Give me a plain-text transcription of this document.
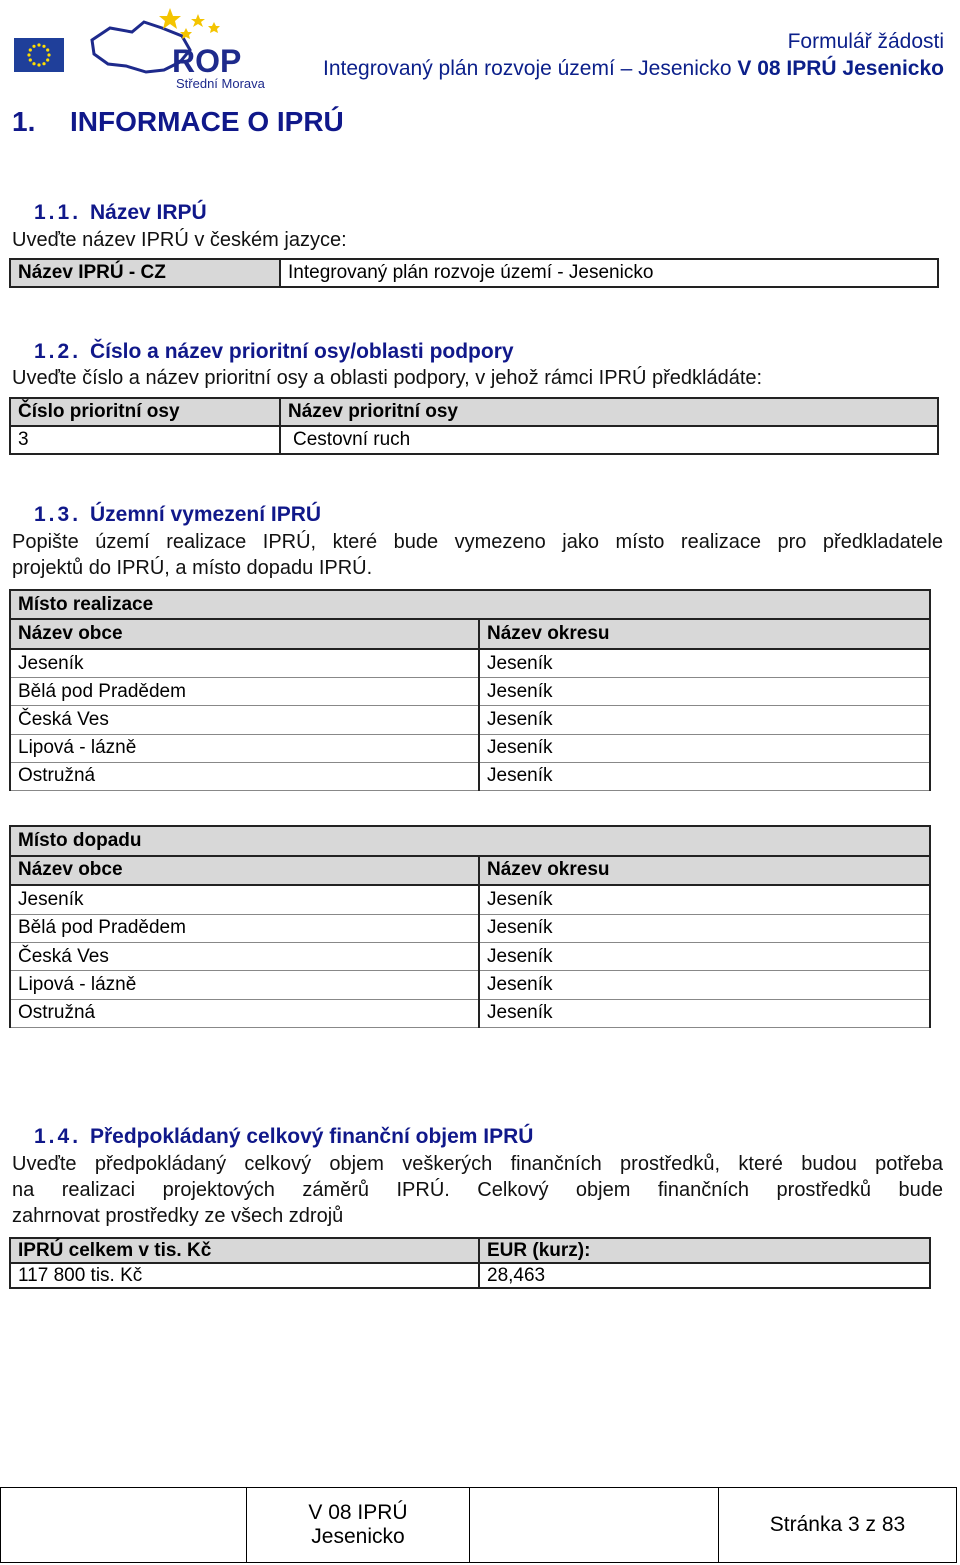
ROP
Střední Morava
Formulář žádosti
Integrovaný plán rozvoje území – Jesenicko V 08 IPRÚ Jesenicko
1. INFORMACE O IPRÚ
1.1. Název IRPÚ
Uveďte název IPRÚ v českém jazyce:
Název IPRÚ - CZ	Integrovaný plán rozvoje území - Jesenicko
1.2. Číslo a název prioritní osy/oblasti podpory
Uveďte číslo a název prioritní osy a oblasti podpory, v jehož rámci IPRÚ předkládáte:
Číslo prioritní osy	Název prioritní osy
3	Cestovní ruch
1.3. Územní vymezení IPRÚ
Popište území realizace IPRÚ, které bude vymezeno jako místo realizace pro předkladatele
projektů do IPRÚ, a místo dopadu IPRÚ.
Místo realizace	
Název obce	Název okresu
Jeseník	Jeseník
Bělá pod Pradědem	Jeseník
Česká Ves	Jeseník
Lipová - lázně	Jeseník
Ostružná	Jeseník
Místo dopadu	
Název obce	Název okresu
Jeseník	Jeseník
Bělá pod Pradědem	Jeseník
Česká Ves	Jeseník
Lipová - lázně	Jeseník
Ostružná	Jeseník
1.4. Předpokládaný celkový finanční objem IPRÚ
Uveďte předpokládaný celkový objem veškerých finančních prostředků, které budou potřeba
na realizaci projektových záměrů IPRÚ. Celkový objem finančních prostředků bude
zahrnovat prostředky ze všech zdrojů
IPRÚ celkem v tis. Kč	EUR (kurz):
117 800 tis. Kč	28,463

V 08 IPRÚ
Jesenicko
		Stránka 3 z 83
